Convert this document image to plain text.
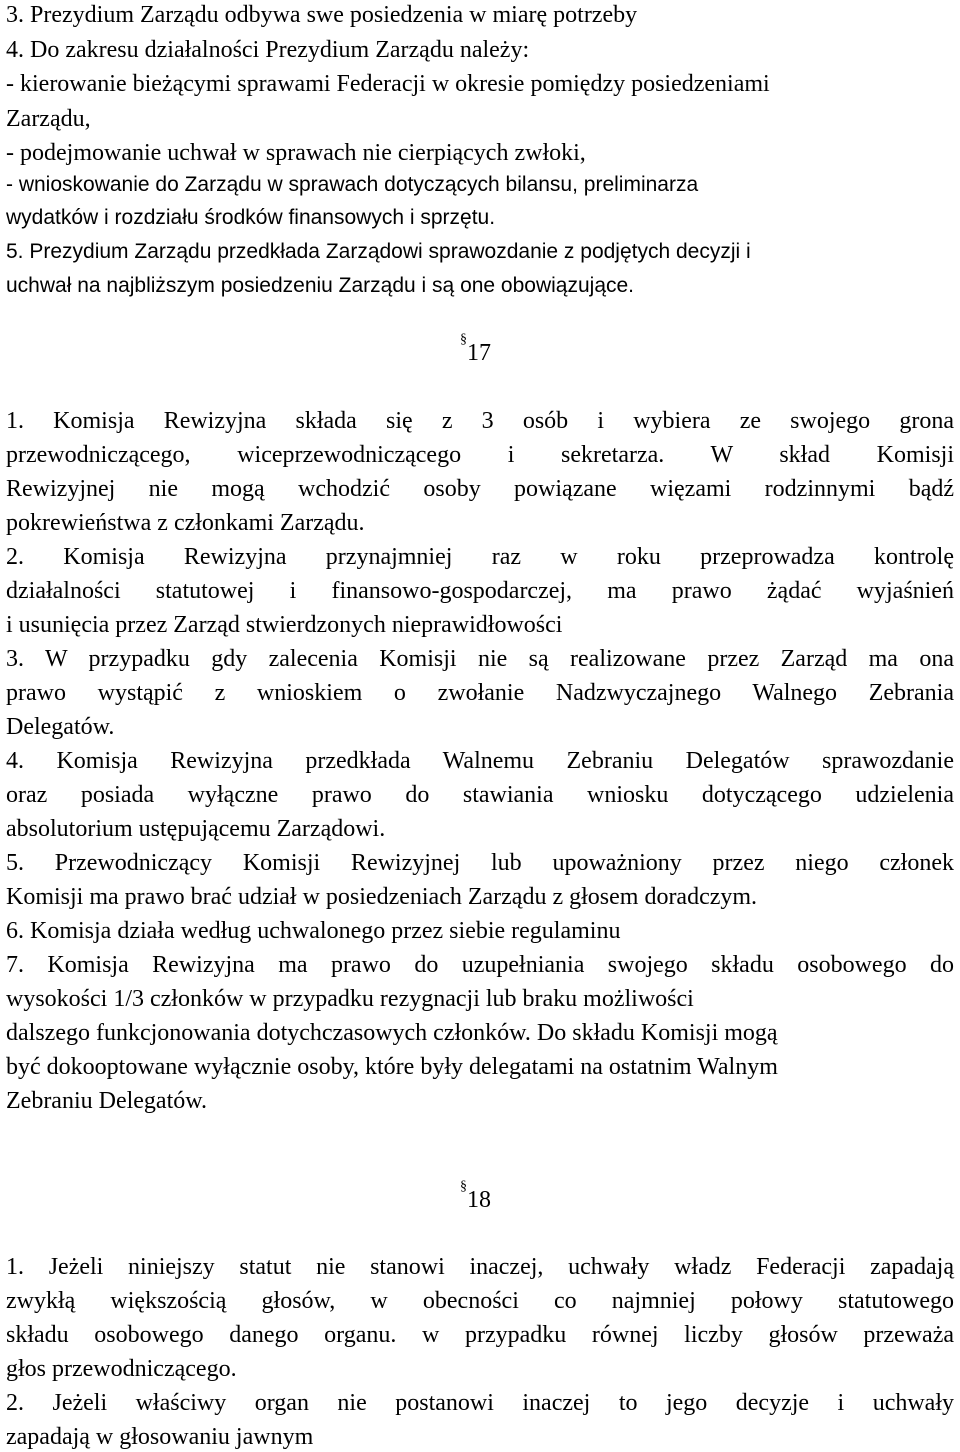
3. Prezydium Zarządu odbywa swe posiedzenia w miarę potrzeby

4. Do zakresu działalności Prezydium Zarządu należy:

- kierowanie bieżącymi sprawami Federacji w okresie pomiędzy posiedzeniami

Zarządu,

- podejmowanie uchwał w sprawach nie cierpiących zwłoki,

- wnioskowanie do Zarządu w sprawach dotyczących bilansu, preliminarza

wydatków i rozdziału środków finansowych i sprzętu.

5. Prezydium Zarządu przedkłada Zarządowi sprawozdanie z podjętych decyzji i

uchwał na najbliższym posiedzeniu Zarządu i są one obowiązujące.

§17

1. Komisja Rewizyjna składa się z 3 osób i wybiera ze swojego grona

przewodniczącego, wiceprzewodniczącego i sekretarza. W skład Komisji

Rewizyjnej nie mogą wchodzić osoby powiązane więzami rodzinnymi bądź

pokrewieństwa z członkami Zarządu.

2. Komisja Rewizyjna przynajmniej raz w roku przeprowadza kontrolę

działalności statutowej i finansowo-gospodarczej, ma prawo żądać wyjaśnień

i usunięcia przez Zarząd stwierdzonych nieprawidłowości

3. W przypadku gdy zalecenia Komisji nie są realizowane przez Zarząd ma ona

prawo wystąpić z wnioskiem o zwołanie Nadzwyczajnego Walnego Zebrania

Delegatów.

4. Komisja Rewizyjna przedkłada Walnemu Zebraniu Delegatów sprawozdanie

oraz posiada wyłączne prawo do stawiania wniosku dotyczącego udzielenia

absolutorium ustępującemu Zarządowi.

5. Przewodniczący Komisji Rewizyjnej lub upoważniony przez niego członek

Komisji ma prawo brać udział w posiedzeniach Zarządu z głosem doradczym.

6. Komisja działa według uchwalonego przez siebie regulaminu

7. Komisja Rewizyjna ma prawo do uzupełniania swojego składu osobowego do

wysokości 1/3 członków w przypadku rezygnacji lub braku możliwości

dalszego funkcjonowania dotychczasowych członków. Do składu Komisji mogą

być dokooptowane wyłącznie osoby, które były delegatami na ostatnim Walnym

Zebraniu Delegatów.

§18

1. Jeżeli niniejszy statut nie stanowi inaczej, uchwały władz Federacji zapadają

zwykłą większością głosów, w obecności co najmniej połowy statutowego

składu osobowego danego organu. w przypadku równej liczby głosów przeważa

głos przewodniczącego.

2. Jeżeli właściwy organ nie postanowi inaczej to jego decyzje i uchwały

zapadają w głosowaniu jawnym
